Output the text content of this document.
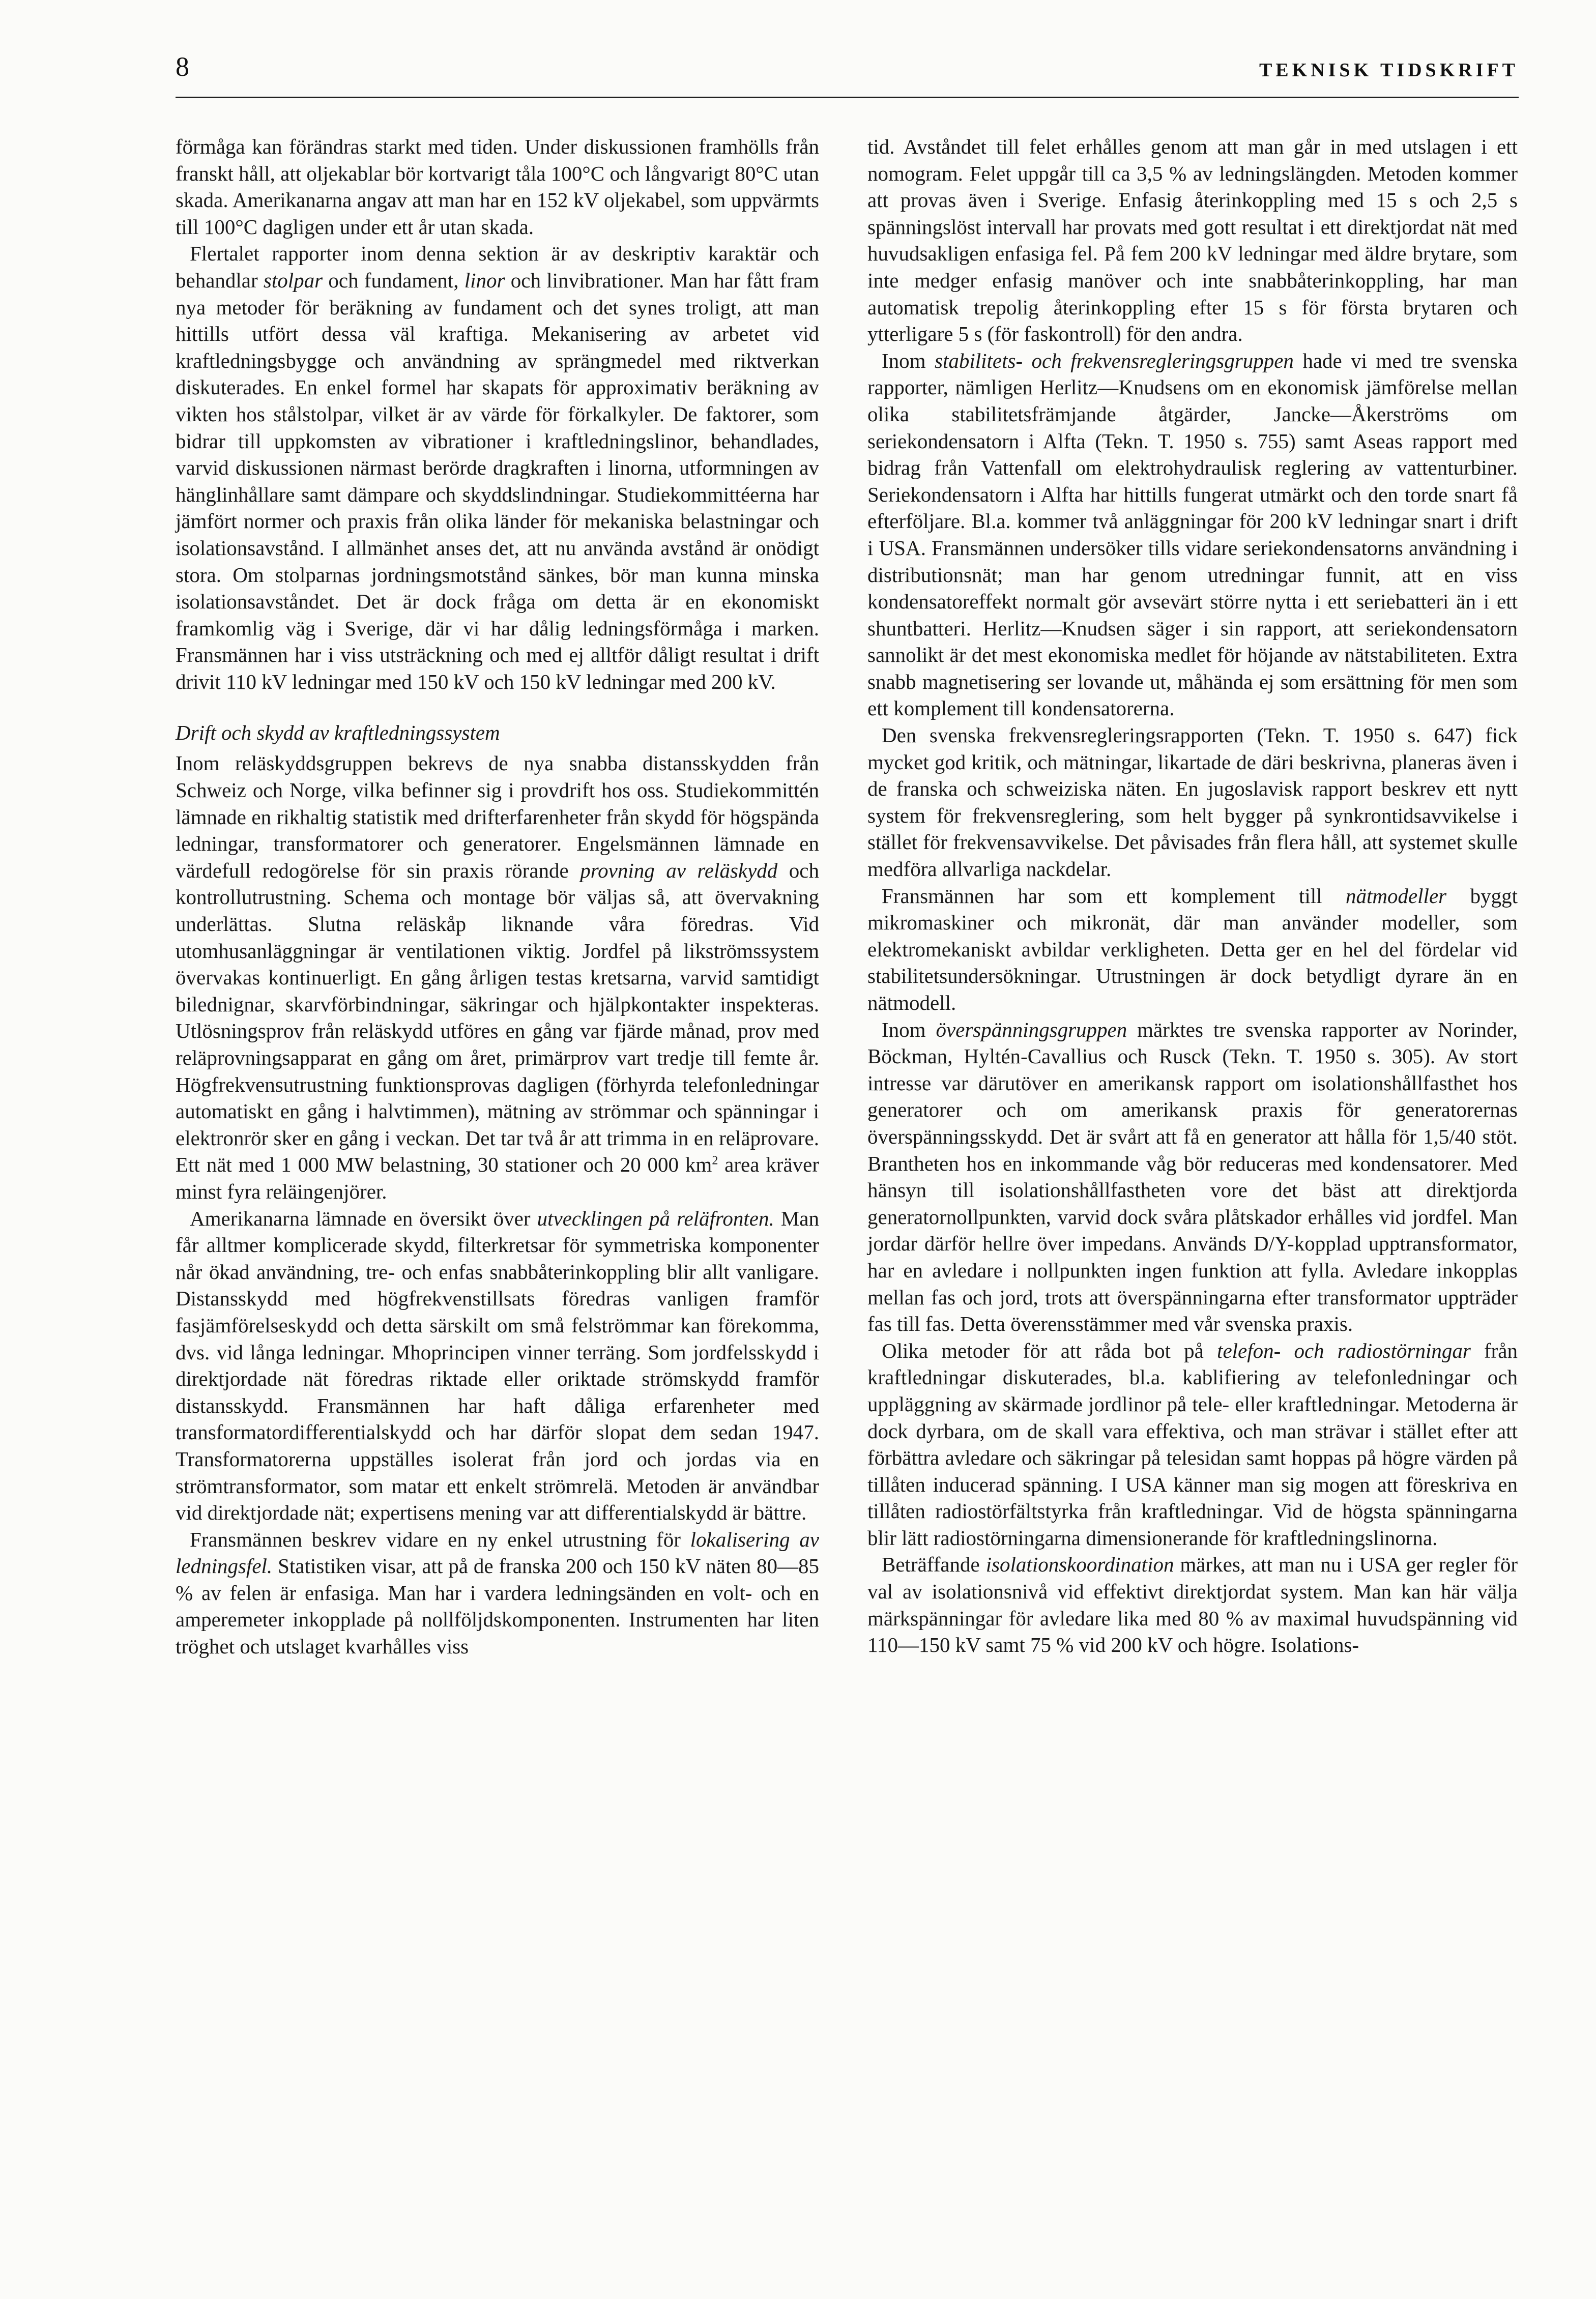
8	TEKNISK TIDSKRIFT

förmåga kan förändras starkt med tiden. Under diskussionen framhölls från franskt håll, att oljekablar bör kortvarigt tåla 100°C och långvarigt 80°C utan skada. Amerikanarna angav att man har en 152 kV oljekabel, som uppvärmts till 100°C dagligen under ett år utan skada.

Flertalet rapporter inom denna sektion är av deskriptiv karaktär och behandlar stolpar och fundament, linor och linvibrationer. Man har fått fram nya metoder för beräkning av fundament och det synes troligt, att man hittills utfört dessa väl kraftiga. Mekanisering av arbetet vid kraftledningsbygge och användning av sprängmedel med riktverkan diskuterades. En enkel formel har skapats för approximativ beräkning av vikten hos stålstolpar, vilket är av värde för förkalkyler. De faktorer, som bidrar till uppkomsten av vibrationer i kraftledningslinor, behandlades, varvid diskussionen närmast berörde dragkraften i linorna, utformningen av hänglinhållare samt dämpare och skyddslindningar. Studiekommittéerna har jämfört normer och praxis från olika länder för mekaniska belastningar och isolationsavstånd. I allmänhet anses det, att nu använda avstånd är onödigt stora. Om stolparnas jordningsmotstånd sänkes, bör man kunna minska isolationsavståndet. Det är dock fråga om detta är en ekonomiskt framkomlig väg i Sverige, där vi har dålig ledningsförmåga i marken. Fransmännen har i viss utsträckning och med ej alltför dåligt resultat i drift drivit 110 kV ledningar med 150 kV och 150 kV ledningar med 200 kV.

Drift och skydd av kraftledningssystem

Inom reläskyddsgruppen bekrevs de nya snabba distansskydden från Schweiz och Norge, vilka befinner sig i provdrift hos oss. Studiekommittén lämnade en rikhaltig statistik med drifterfarenheter från skydd för högspända ledningar, transformatorer och generatorer. Engelsmännen lämnade en värdefull redogörelse för sin praxis rörande provning av reläskydd och kontrollutrustning. Schema och montage bör väljas så, att övervakning underlättas. Slutna reläskåp liknande våra föredras. Vid utomhusanläggningar är ventilationen viktig. Jordfel på likströmssystem övervakas kontinuerligt. En gång årligen testas kretsarna, varvid samtidigt bilednignar, skarvförbindningar, säkringar och hjälpkontakter inspekteras. Utlösningsprov från reläskydd utföres en gång var fjärde månad, prov med reläprovningsapparat en gång om året, primärprov vart tredje till femte år. Högfrekvensutrustning funktionsprovas dagligen (förhyrda telefonledningar automatiskt en gång i halvtimmen), mätning av strömmar och spänningar i elektronrör sker en gång i veckan. Det tar två år att trimma in en reläprovare. Ett nät med 1 000 MW belastning, 30 stationer och 20 000 $km^2$ area kräver minst fyra reläingenjörer.

Amerikanarna lämnade en översikt över utvecklingen på reläfronten. Man får alltmer komplicerade skydd, filterkretsar för symmetriska komponenter når ökad användning, tre- och enfas snabbåterinkoppling blir allt vanligare. Distansskydd med högfrekvenstillsats föredras vanligen framför fasjämförelseskydd och detta särskilt om små felströmmar kan förekomma, dvs. vid långa ledningar. Mhoprincipen vinner terräng. Som jordfelsskydd i direktjordade nät föredras riktade eller oriktade strömskydd framför distansskydd. Fransmännen har haft dåliga erfarenheter med transformatordifferentialskydd och har därför slopat dem sedan 1947. Transformatorerna uppställes isolerat från jord och jordas via en strömtransformator, som matar ett enkelt strömrelä. Metoden är användbar vid direktjordade nät; expertisens mening var att differentialskydd är bättre.

Fransmännen beskrev vidare en ny enkel utrustning för lokalisering av ledningsfel. Statistiken visar, att på de franska 200 och 150 kV näten 80—85 % av felen är enfasiga. Man har i vardera ledningsänden en volt- och en amperemeter inkopplade på nollföljdskomponenten. Instrumenten har liten tröghet och utslaget kvarhålles viss

tid. Avståndet till felet erhålles genom att man går in med utslagen i ett nomogram. Felet uppgår till ca 3,5 % av ledningslängden. Metoden kommer att provas även i Sverige. Enfasig återinkoppling med 15 s och 2,5 s spänningslöst intervall har provats med gott resultat i ett direktjordat nät med huvudsakligen enfasiga fel. På fem 200 kV ledningar med äldre brytare, som inte medger enfasig manöver och inte snabbåterinkoppling, har man automatisk trepolig återinkoppling efter 15 s för första brytaren och ytterligare 5 s (för faskontroll) för den andra.

Inom stabilitets- och frekvensregleringsgruppen hade vi med tre svenska rapporter, nämligen Herlitz—Knudsens om en ekonomisk jämförelse mellan olika stabilitetsfrämjande åtgärder, Jancke—Åkerströms om seriekondensatorn i Alfta (Tekn. T. 1950 s. 755) samt Aseas rapport med bidrag från Vattenfall om elektrohydraulisk reglering av vattenturbiner. Seriekondensatorn i Alfta har hittills fungerat utmärkt och den torde snart få efterföljare. Bl.a. kommer två anläggningar för 200 kV ledningar snart i drift i USA. Fransmännen undersöker tills vidare seriekondensatorns användning i distributionsnät; man har genom utredningar funnit, att en viss kondensatoreffekt normalt gör avsevärt större nytta i ett seriebatteri än i ett shuntbatteri. Herlitz—Knudsen säger i sin rapport, att seriekondensatorn sannolikt är det mest ekonomiska medlet för höjande av nätstabiliteten. Extra snabb magnetisering ser lovande ut, måhända ej som ersättning för men som ett komplement till kondensatorerna.

Den svenska frekvensregleringsrapporten (Tekn. T. 1950 s. 647) fick mycket god kritik, och mätningar, likartade de däri beskrivna, planeras även i de franska och schweiziska näten. En jugoslavisk rapport beskrev ett nytt system för frekvensreglering, som helt bygger på synkrontidsavvikelse i stället för frekvensavvikelse. Det påvisades från flera håll, att systemet skulle medföra allvarliga nackdelar.

Fransmännen har som ett komplement till nätmodeller byggt mikromaskiner och mikronät, där man använder modeller, som elektromekaniskt avbildar verkligheten. Detta ger en hel del fördelar vid stabilitetsundersökningar. Utrustningen är dock betydligt dyrare än en nätmodell.

Inom överspänningsgruppen märktes tre svenska rapporter av Norinder, Böckman, Hyltén-Cavallius och Rusck (Tekn. T. 1950 s. 305). Av stort intresse var därutöver en amerikansk rapport om isolationshållfasthet hos generatorer och om amerikansk praxis för generatorernas överspänningsskydd. Det är svårt att få en generator att hålla för 1,5/40 stöt. Brantheten hos en inkommande våg bör reduceras med kondensatorer. Med hänsyn till isolationshållfastheten vore det bäst att direktjorda generatornollpunkten, varvid dock svåra plåtskador erhålles vid jordfel. Man jordar därför hellre över impedans. Används D/Y-kopplad upptransformator, har en avledare i nollpunkten ingen funktion att fylla. Avledare inkopplas mellan fas och jord, trots att överspänningarna efter transformator uppträder fas till fas. Detta överensstämmer med vår svenska praxis.

Olika metoder för att råda bot på telefon- och radiostörningar från kraftledningar diskuterades, bl.a. kablifiering av telefonledningar och uppläggning av skärmade jordlinor på tele- eller kraftledningar. Metoderna är dock dyrbara, om de skall vara effektiva, och man strävar i stället efter att förbättra avledare och säkringar på telesidan samt hoppas på högre värden på tillåten inducerad spänning. I USA känner man sig mogen att föreskriva en tillåten radiostörfältstyrka från kraftledningar. Vid de högsta spänningarna blir lätt radiostörningarna dimensionerande för kraftledningslinorna.

Beträffande isolationskoordination märkes, att man nu i USA ger regler för val av isolationsnivå vid effektivt direktjordat system. Man kan här välja märkspänningar för avledare lika med 80 % av maximal huvudspänning vid 110—150 kV samt 75 % vid 200 kV och högre. Isolations-
